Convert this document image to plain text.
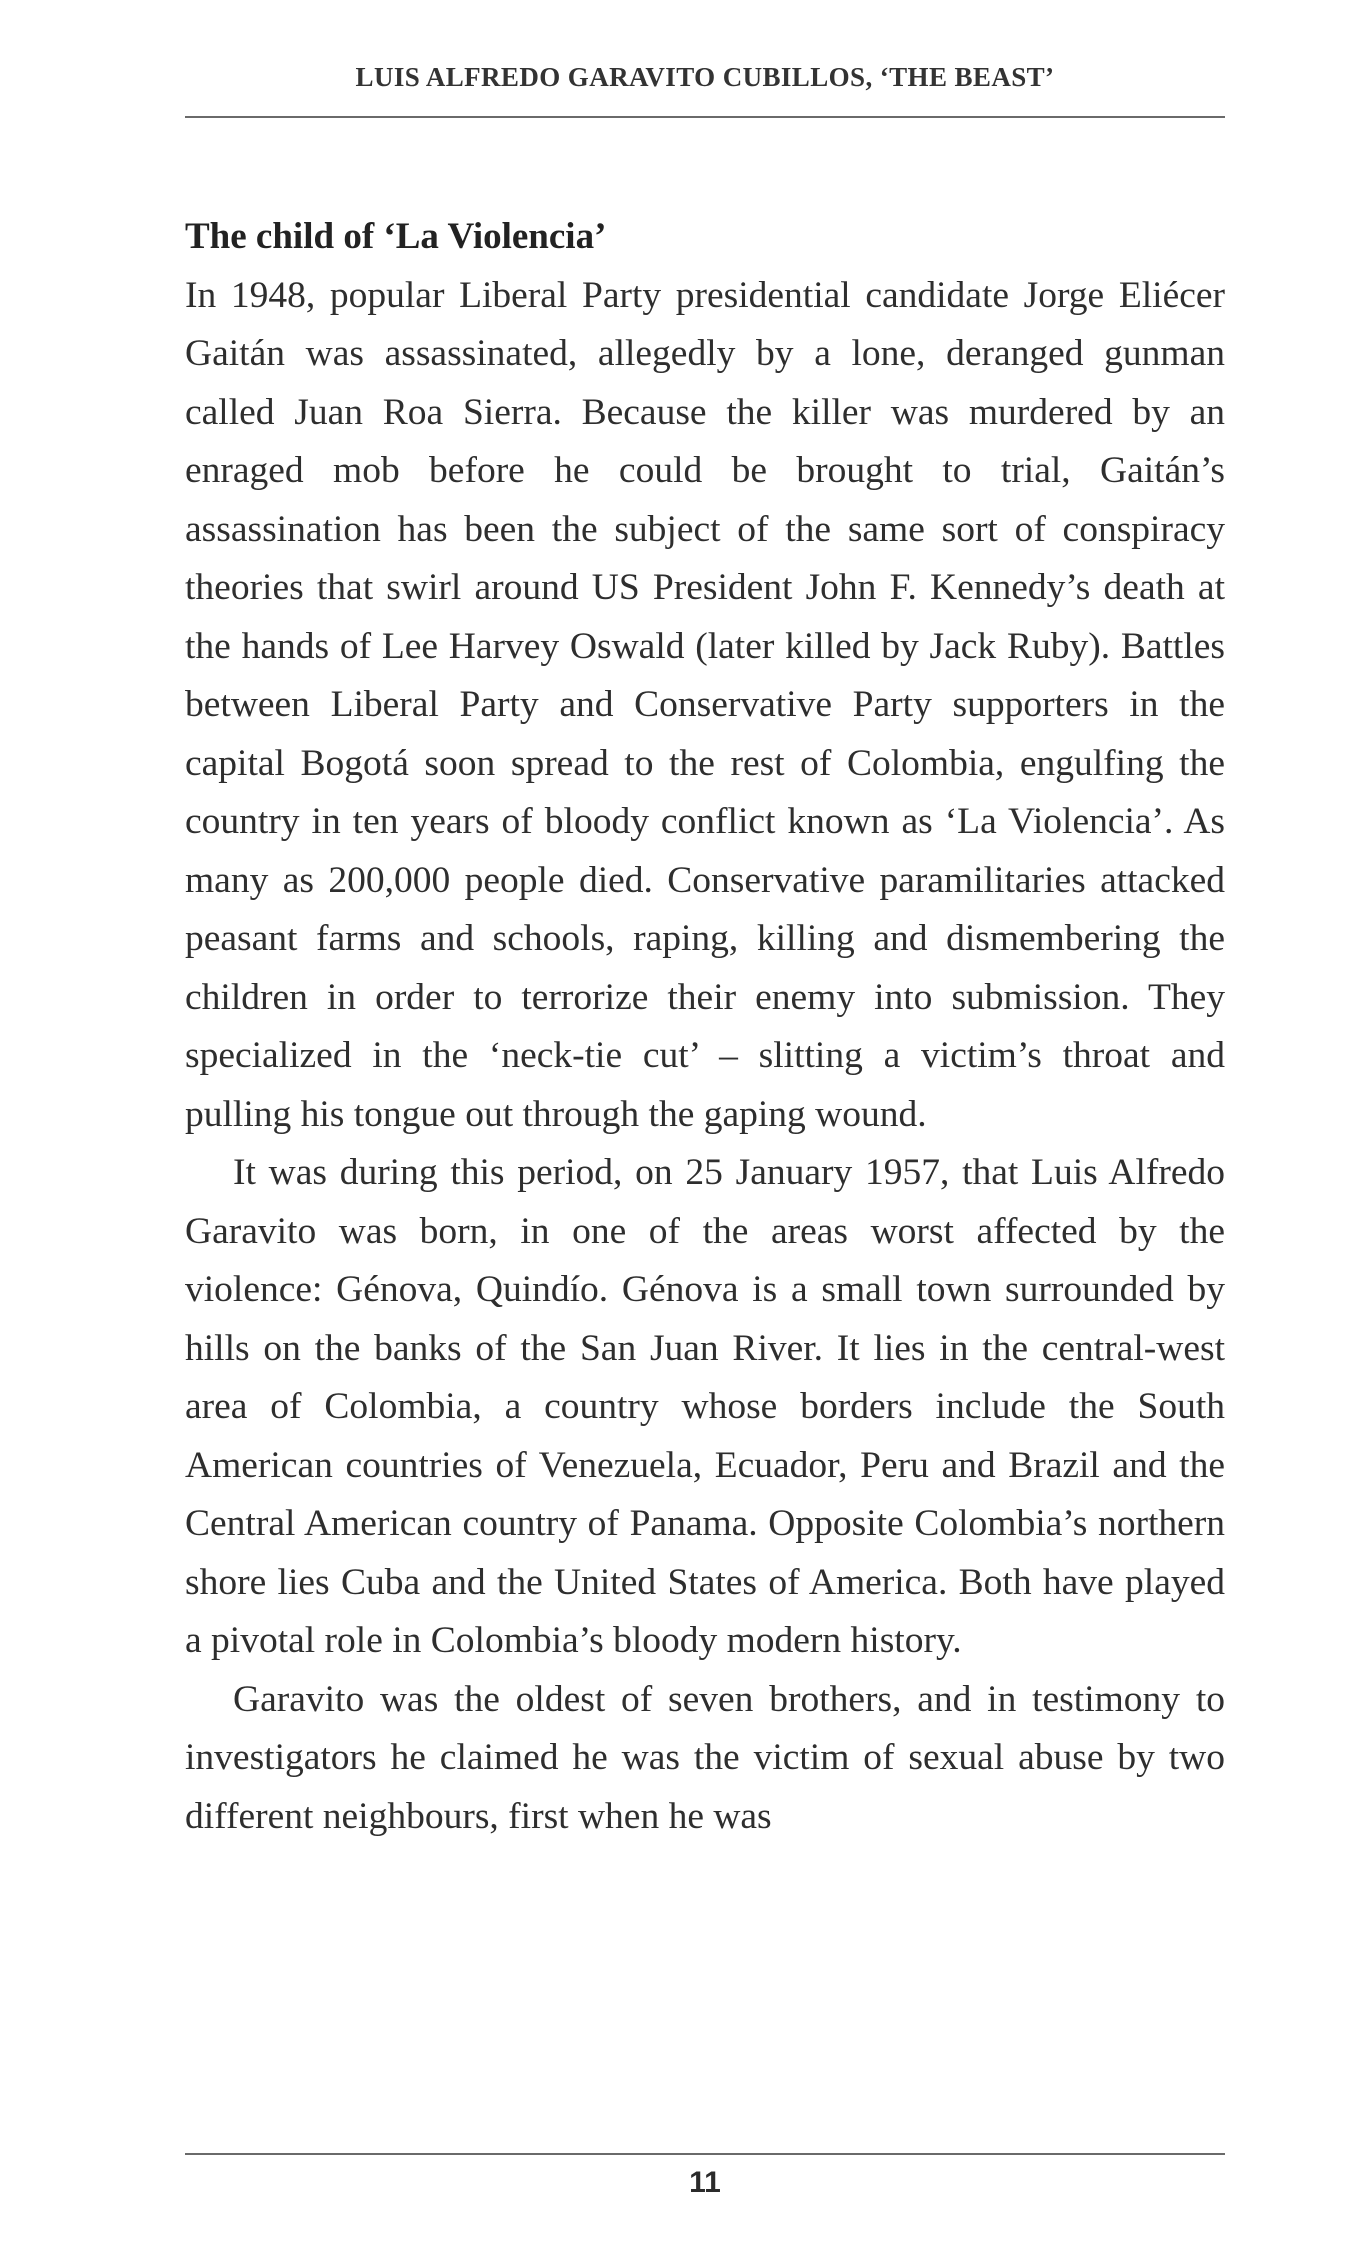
LUIS ALFREDO GARAVITO CUBILLOS, ‘THE BEAST’
The child of ‘La Violencia’

In 1948, popular Liberal Party presidential candidate Jorge Eliécer Gaitán was assassinated, allegedly by a lone, deranged gunman called Juan Roa Sierra. Because the killer was murdered by an enraged mob before he could be brought to trial, Gaitán’s assassination has been the subject of the same sort of conspiracy theories that swirl around US President John F. Kennedy’s death at the hands of Lee Harvey Oswald (later killed by Jack Ruby). Battles between Liberal Party and Conservative Party supporters in the capital Bogotá soon spread to the rest of Colombia, engulfing the country in ten years of bloody conflict known as ‘La Violencia’. As many as 200,000 people died. Conservative paramilitaries attacked peasant farms and schools, raping, killing and dismembering the children in order to terrorize their enemy into submission. They specialized in the ‘neck-tie cut’ – slitting a victim’s throat and pulling his tongue out through the gaping wound.

It was during this period, on 25 January 1957, that Luis Alfredo Garavito was born, in one of the areas worst affected by the violence: Génova, Quindío. Génova is a small town surrounded by hills on the banks of the San Juan River. It lies in the central-west area of Colombia, a country whose borders include the South American countries of Venezuela, Ecuador, Peru and Brazil and the Central American country of Panama. Opposite Colombia’s northern shore lies Cuba and the United States of America. Both have played a pivotal role in Colombia’s bloody modern history.

Garavito was the oldest of seven brothers, and in testimony to investigators he claimed he was the victim of sexual abuse by two different neighbours, first when he was

11
